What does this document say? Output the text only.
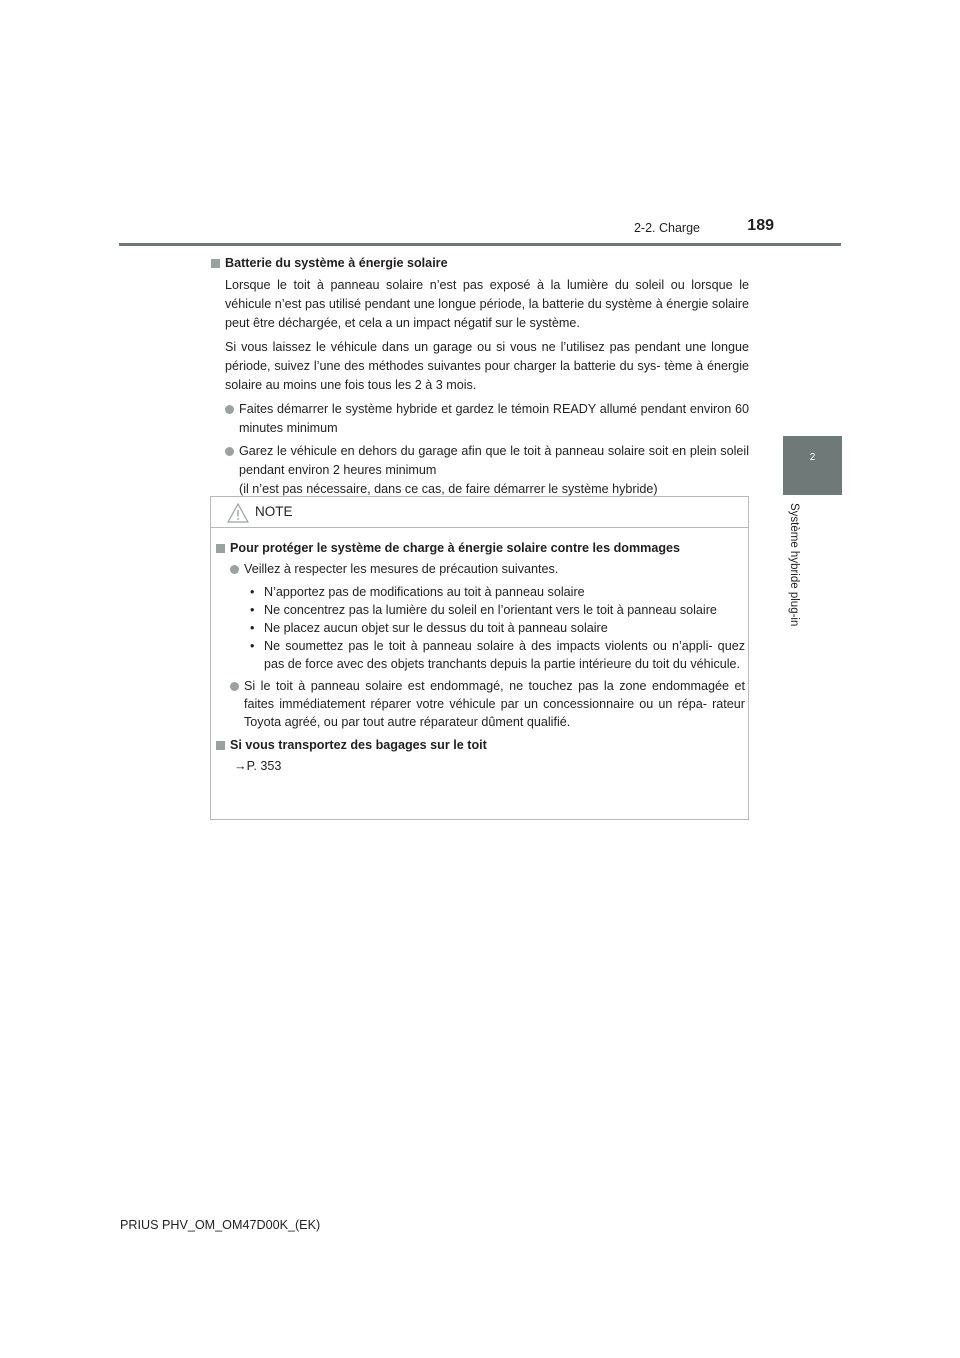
2-2. Charge	189
2
Système hybride plug-in
Batterie du système à énergie solaire
Lorsque le toit à panneau solaire n’est pas exposé à la lumière du soleil ou lorsque le véhicule n’est pas utilisé pendant une longue période, la batterie du système à énergie solaire peut être déchargée, et cela a un impact négatif sur le système.
Si vous laissez le véhicule dans un garage ou si vous ne l’utilisez pas pendant une longue période, suivez l’une des méthodes suivantes pour charger la batterie du sys- tème à énergie solaire au moins une fois tous les 2 à 3 mois.
Faites démarrer le système hybride et gardez le témoin READY allumé pendant environ 60 minutes minimum
Garez le véhicule en dehors du garage afin que le toit à panneau solaire soit en plein soleil pendant environ 2 heures minimum
(il n’est pas nécessaire, dans ce cas, de faire démarrer le système hybride)
NOTE
Pour protéger le système de charge à énergie solaire contre les dommages
Veillez à respecter les mesures de précaution suivantes.
• N’apportez pas de modifications au toit à panneau solaire
• Ne concentrez pas la lumière du soleil en l’orientant vers le toit à panneau solaire
• Ne placez aucun objet sur le dessus du toit à panneau solaire
• Ne soumettez pas le toit à panneau solaire à des impacts violents ou n’appli- quez pas de force avec des objets tranchants depuis la partie intérieure du toit du véhicule.
Si le toit à panneau solaire est endommagé, ne touchez pas la zone endommagée et faites immédiatement réparer votre véhicule par un concessionnaire ou un répa- rateur Toyota agréé, ou par tout autre réparateur dûment qualifié.
Si vous transportez des bagages sur le toit
→P. 353
PRIUS PHV_OM_OM47D00K_(EK)
